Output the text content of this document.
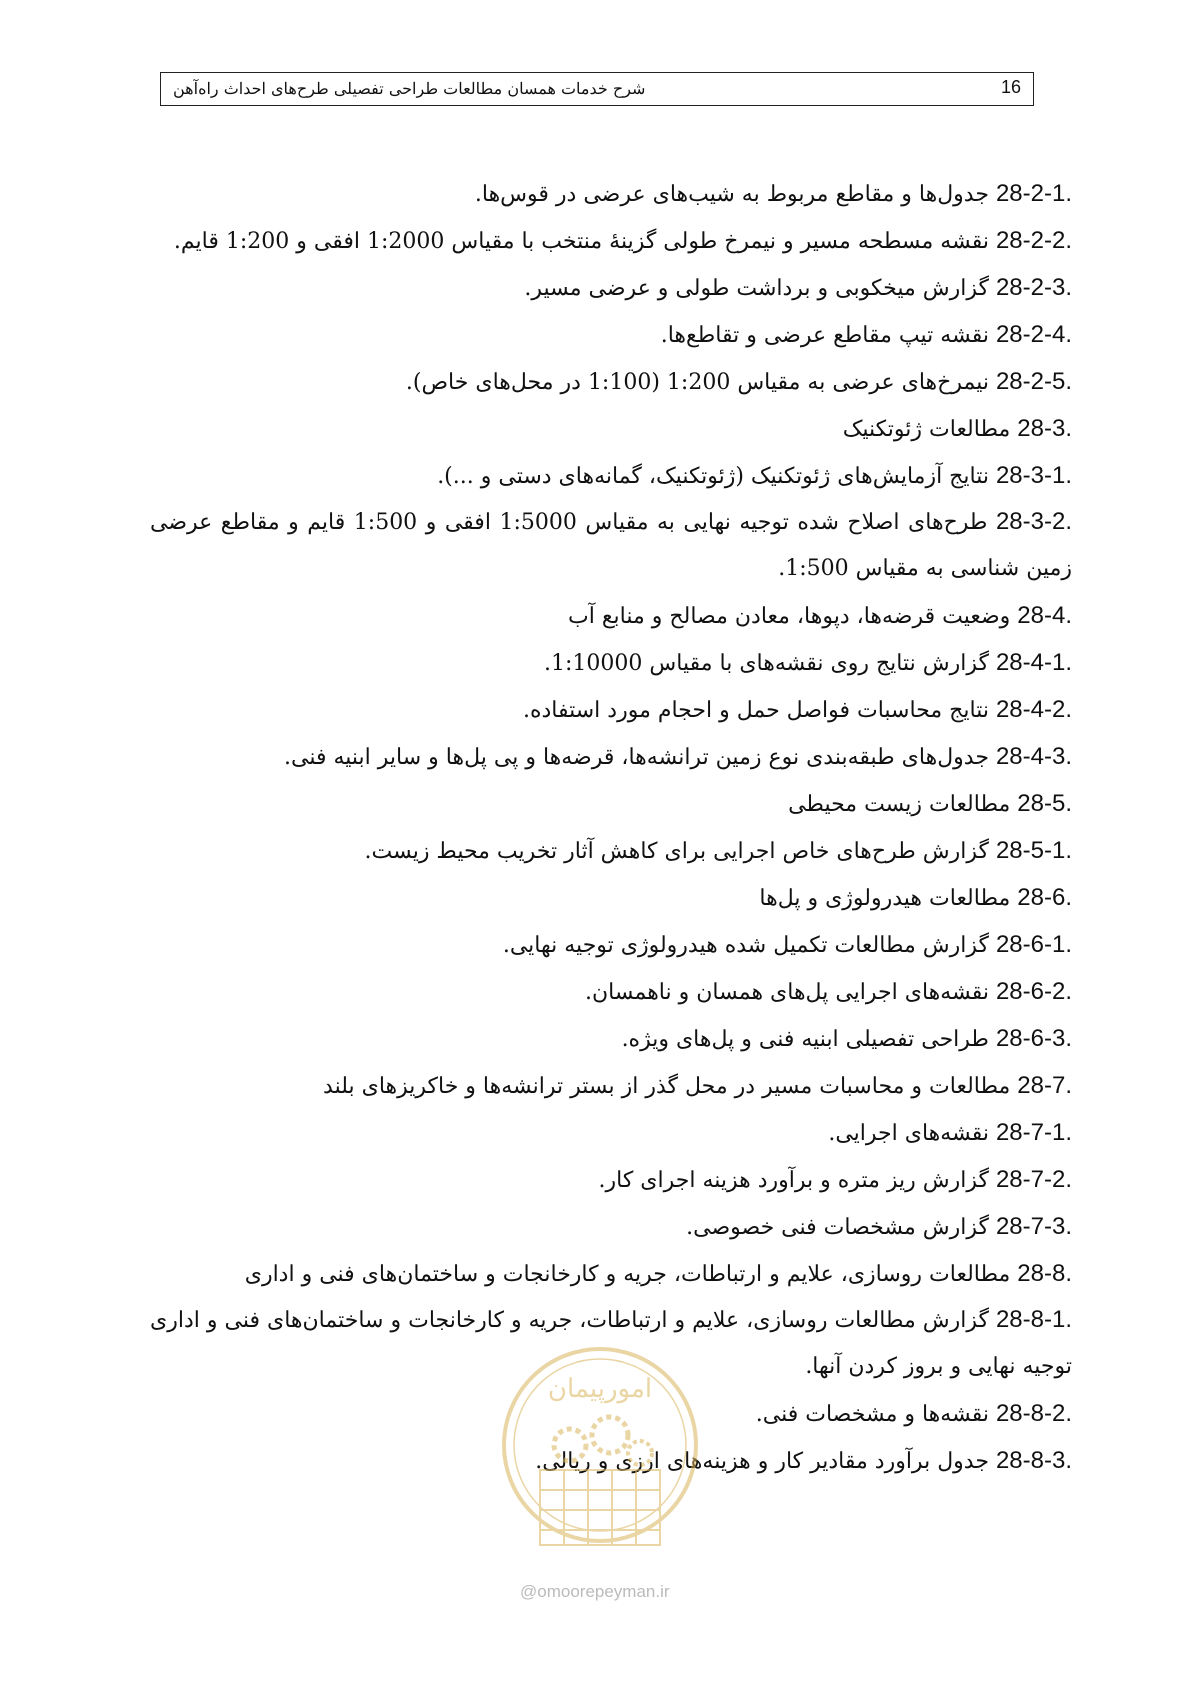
شرح خدمات همسان مطالعات طراحی تفصیلی طرح‌های احداث راه‌آهن	16
28-2-1. جدول‌ها و مقاطع مربوط به شیب‌های عرضی در قوس‌ها.
28-2-2. نقشه مسطحه مسیر و نیمرخ طولی گزینهٔ منتخب با مقیاس 1:2000 افقی و 1:200 قایم.
28-2-3. گزارش میخکوبی و برداشت طولی و عرضی مسیر.
28-2-4. نقشه تیپ مقاطع عرضی و تقاطع‌ها.
28-2-5. نیمرخ‌های عرضی به مقیاس 1:200 (1:100 در محل‌های خاص).
28-3. مطالعات ژئوتکنیک
28-3-1. نتایج آزمایش‌های ژئوتکنیک (ژئوتکنیک، گمانه‌های دستی و ...).
28-3-2. طرح‌های اصلاح شده توجیه نهایی به مقیاس 1:5000 افقی و 1:500 قایم و مقاطع عرضی زمین شناسی به مقیاس 1:500.
28-4. وضعیت قرضه‌ها، دپوها، معادن مصالح و منابع آب
28-4-1. گزارش نتایج روی نقشه‌های با مقیاس 1:10000.
28-4-2. نتایج محاسبات فواصل حمل و احجام مورد استفاده.
28-4-3. جدول‌های طبقه‌بندی نوع زمین ترانشه‌ها، قرضه‌ها و پی پل‌ها و سایر ابنیه فنی.
28-5. مطالعات زیست محیطی
28-5-1. گزارش طرح‌های خاص اجرایی برای کاهش آثار تخریب محیط زیست.
28-6. مطالعات هیدرولوژی و پل‌ها
28-6-1. گزارش مطالعات تکمیل شده هیدرولوژی توجیه نهایی.
28-6-2. نقشه‌های اجرایی پل‌های همسان و ناهمسان.
28-6-3. طراحی تفصیلی ابنیه فنی و پل‌های ویژه.
28-7. مطالعات و محاسبات مسیر در محل گذر از بستر ترانشه‌ها و خاکریزهای بلند
28-7-1. نقشه‌های اجرایی.
28-7-2. گزارش ریز متره و برآورد هزینه اجرای کار.
28-7-3. گزارش مشخصات فنی خصوصی.
28-8. مطالعات روسازی، علایم و ارتباطات، جریه و کارخانجات و ساختمان‌های فنی و اداری
28-8-1. گزارش مطالعات روسازی، علایم و ارتباطات، جریه و کارخانجات و ساختمان‌های فنی و اداری توجیه نهایی و بروز کردن آنها.
28-8-2. نقشه‌ها و مشخصات فنی.
28-8-3. جدول برآورد مقادیر کار و هزینه‌های ارزی و ریالی.
امورپیمان
@omoorepeyman.ir
